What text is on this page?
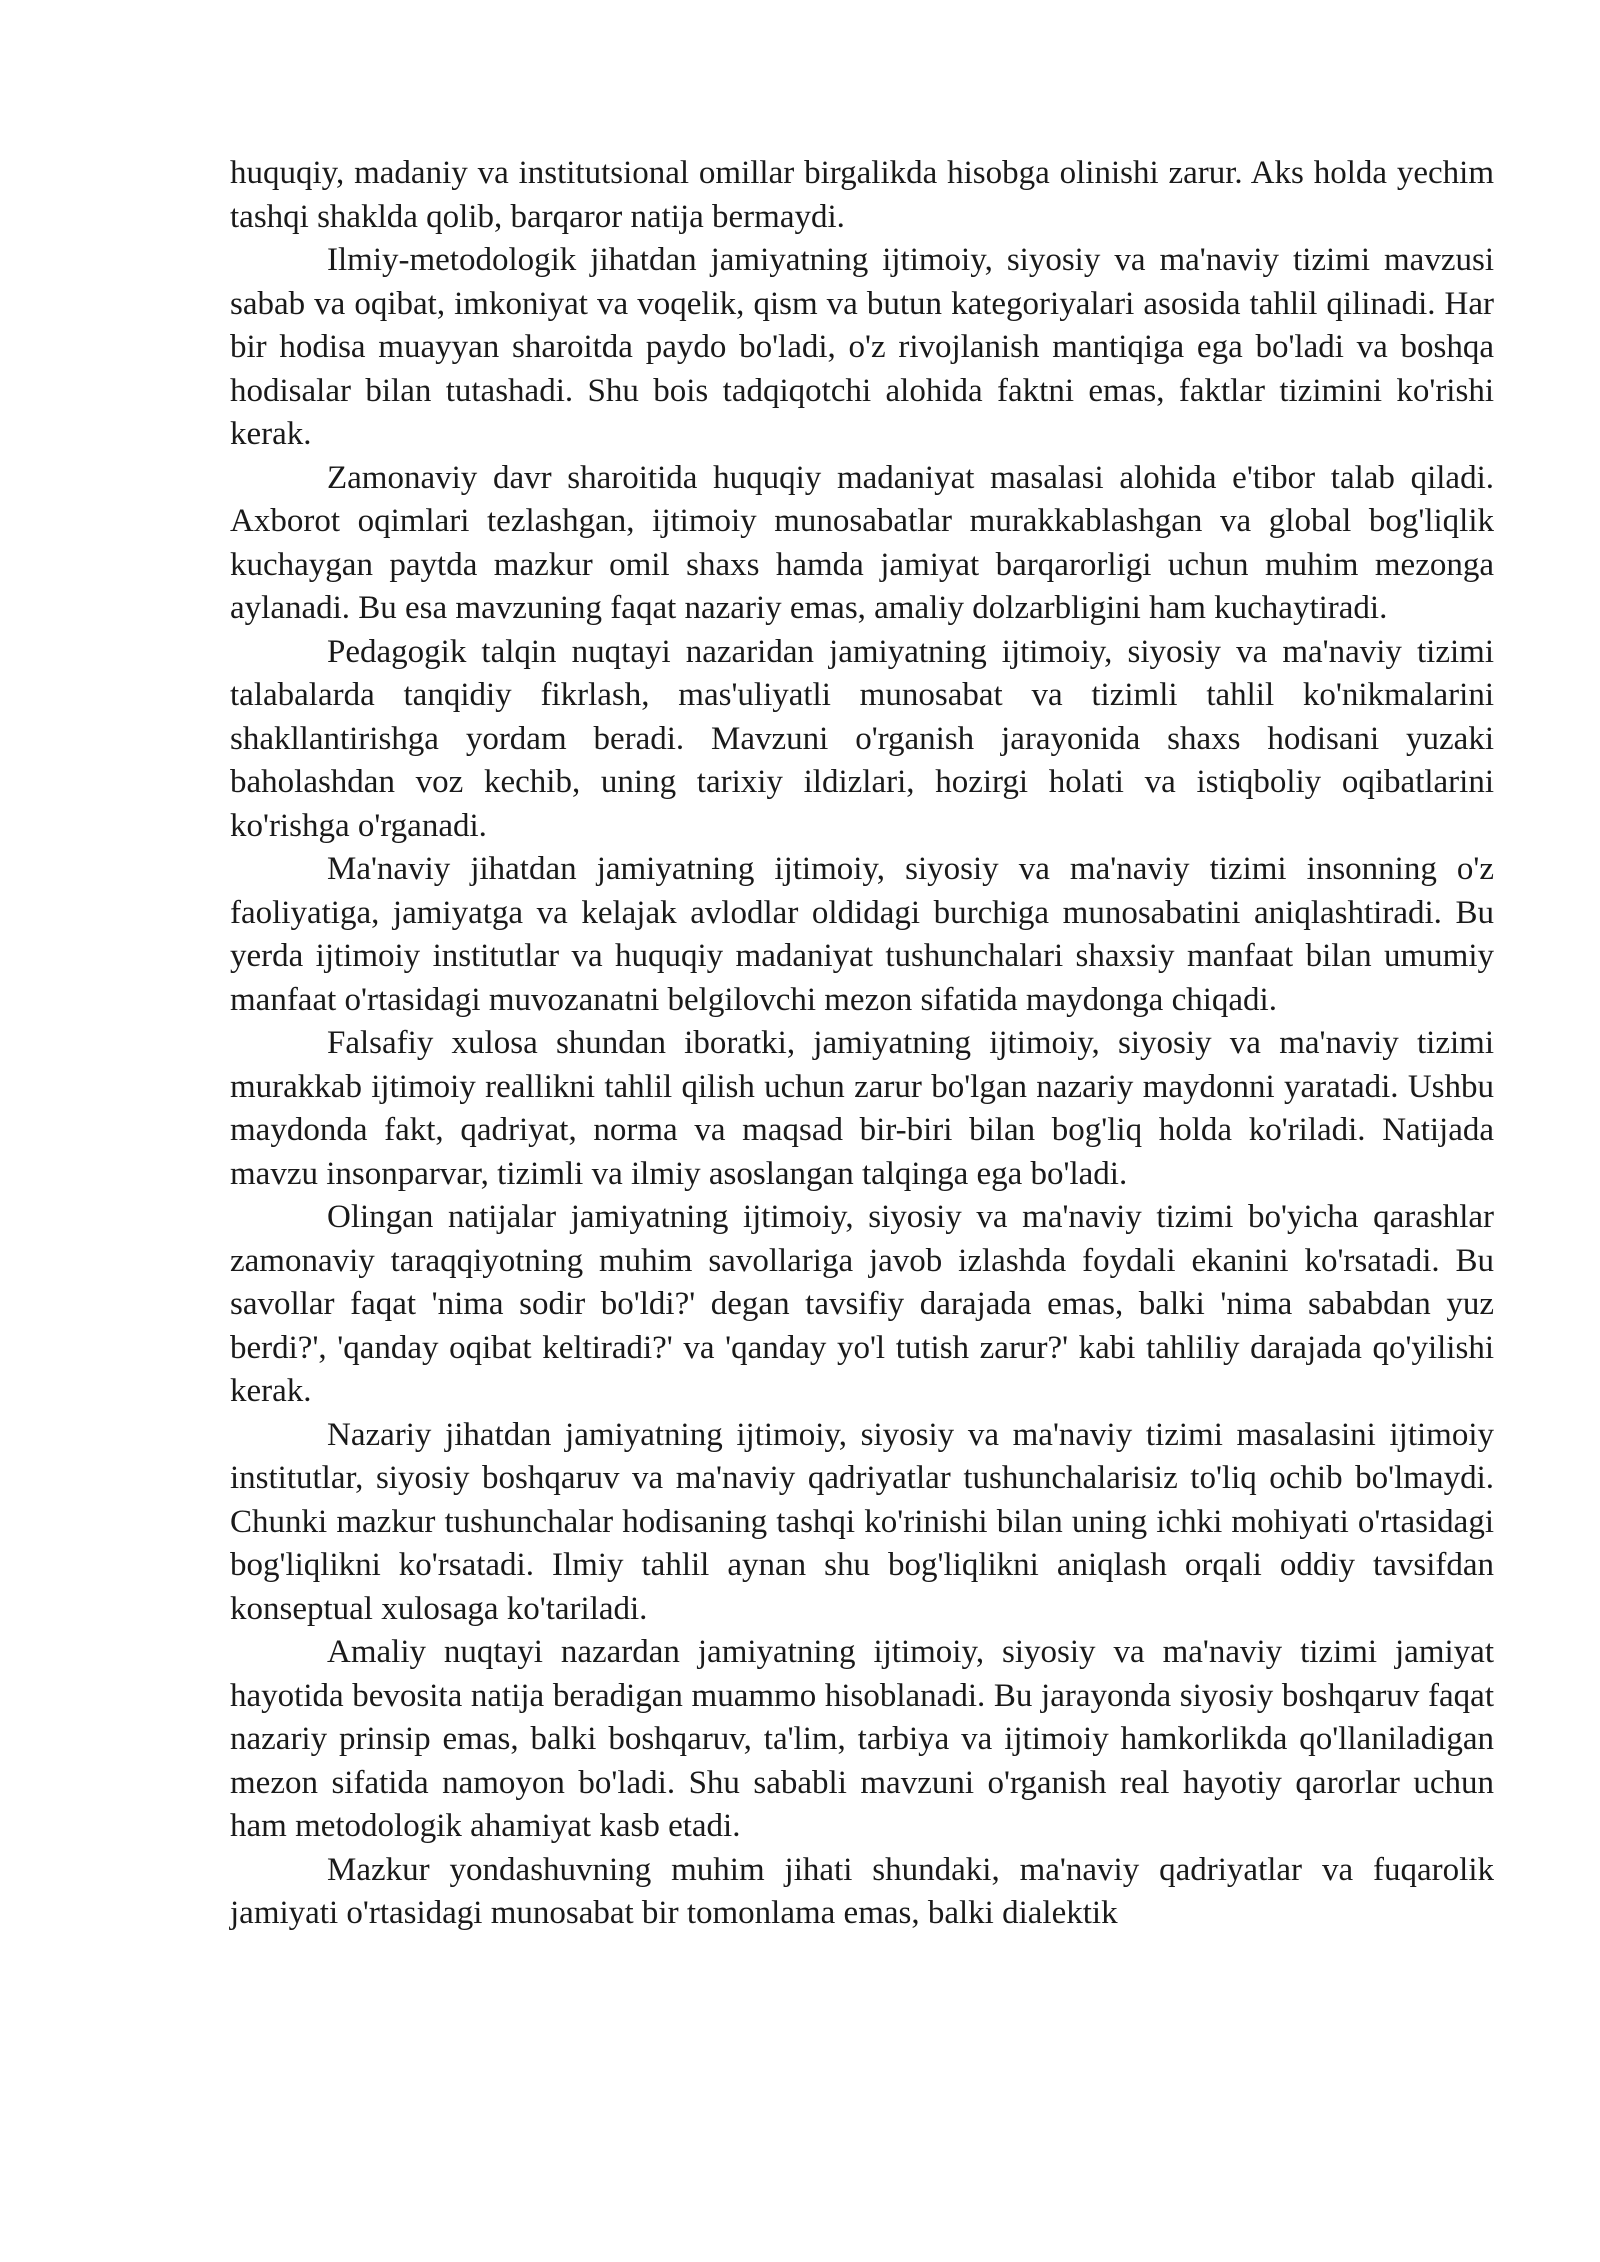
huquqiy, madaniy va institutsional omillar birgalikda hisobga olinishi zarur. Aks holda yechim tashqi shaklda qolib, barqaror natija bermaydi.

Ilmiy-metodologik jihatdan jamiyatning ijtimoiy, siyosiy va ma'naviy tizimi mavzusi sabab va oqibat, imkoniyat va voqelik, qism va butun kategoriyalari asosida tahlil qilinadi. Har bir hodisa muayyan sharoitda paydo bo'ladi, o'z rivojlanish mantiqiga ega bo'ladi va boshqa hodisalar bilan tutashadi. Shu bois tadqiqotchi alohida faktni emas, faktlar tizimini ko'rishi kerak.

Zamonaviy davr sharoitida huquqiy madaniyat masalasi alohida e'tibor talab qiladi. Axborot oqimlari tezlashgan, ijtimoiy munosabatlar murakkablashgan va global bog'liqlik kuchaygan paytda mazkur omil shaxs hamda jamiyat barqarorligi uchun muhim mezonga aylanadi. Bu esa mavzuning faqat nazariy emas, amaliy dolzarbligini ham kuchaytiradi.

Pedagogik talqin nuqtayi nazaridan jamiyatning ijtimoiy, siyosiy va ma'naviy tizimi talabalarda tanqidiy fikrlash, mas'uliyatli munosabat va tizimli tahlil ko'nikmalarini shakllantirishga yordam beradi. Mavzuni o'rganish jarayonida shaxs hodisani yuzaki baholashdan voz kechib, uning tarixiy ildizlari, hozirgi holati va istiqboliy oqibatlarini ko'rishga o'rganadi.

Ma'naviy jihatdan jamiyatning ijtimoiy, siyosiy va ma'naviy tizimi insonning o'z faoliyatiga, jamiyatga va kelajak avlodlar oldidagi burchiga munosabatini aniqlashtiradi. Bu yerda ijtimoiy institutlar va huquqiy madaniyat tushunchalari shaxsiy manfaat bilan umumiy manfaat o'rtasidagi muvozanatni belgilovchi mezon sifatida maydonga chiqadi.

Falsafiy xulosa shundan iboratki, jamiyatning ijtimoiy, siyosiy va ma'naviy tizimi murakkab ijtimoiy reallikni tahlil qilish uchun zarur bo'lgan nazariy maydonni yaratadi. Ushbu maydonda fakt, qadriyat, norma va maqsad bir-biri bilan bog'liq holda ko'riladi. Natijada mavzu insonparvar, tizimli va ilmiy asoslangan talqinga ega bo'ladi.

Olingan natijalar jamiyatning ijtimoiy, siyosiy va ma'naviy tizimi bo'yicha qarashlar zamonaviy taraqqiyotning muhim savollariga javob izlashda foydali ekanini ko'rsatadi. Bu savollar faqat 'nima sodir bo'ldi?' degan tavsifiy darajada emas, balki 'nima sababdan yuz berdi?', 'qanday oqibat keltiradi?' va 'qanday yo'l tutish zarur?' kabi tahliliy darajada qo'yilishi kerak.

Nazariy jihatdan jamiyatning ijtimoiy, siyosiy va ma'naviy tizimi masalasini ijtimoiy institutlar, siyosiy boshqaruv va ma'naviy qadriyatlar tushunchalarisiz to'liq ochib bo'lmaydi. Chunki mazkur tushunchalar hodisaning tashqi ko'rinishi bilan uning ichki mohiyati o'rtasidagi bog'liqlikni ko'rsatadi. Ilmiy tahlil aynan shu bog'liqlikni aniqlash orqali oddiy tavsifdan konseptual xulosaga ko'tariladi.

Amaliy nuqtayi nazardan jamiyatning ijtimoiy, siyosiy va ma'naviy tizimi jamiyat hayotida bevosita natija beradigan muammo hisoblanadi. Bu jarayonda siyosiy boshqaruv faqat nazariy prinsip emas, balki boshqaruv, ta'lim, tarbiya va ijtimoiy hamkorlikda qo'llaniladigan mezon sifatida namoyon bo'ladi. Shu sababli mavzuni o'rganish real hayotiy qarorlar uchun ham metodologik ahamiyat kasb etadi.

Mazkur yondashuvning muhim jihati shundaki, ma'naviy qadriyatlar va fuqarolik jamiyati o'rtasidagi munosabat bir tomonlama emas, balki dialektik
